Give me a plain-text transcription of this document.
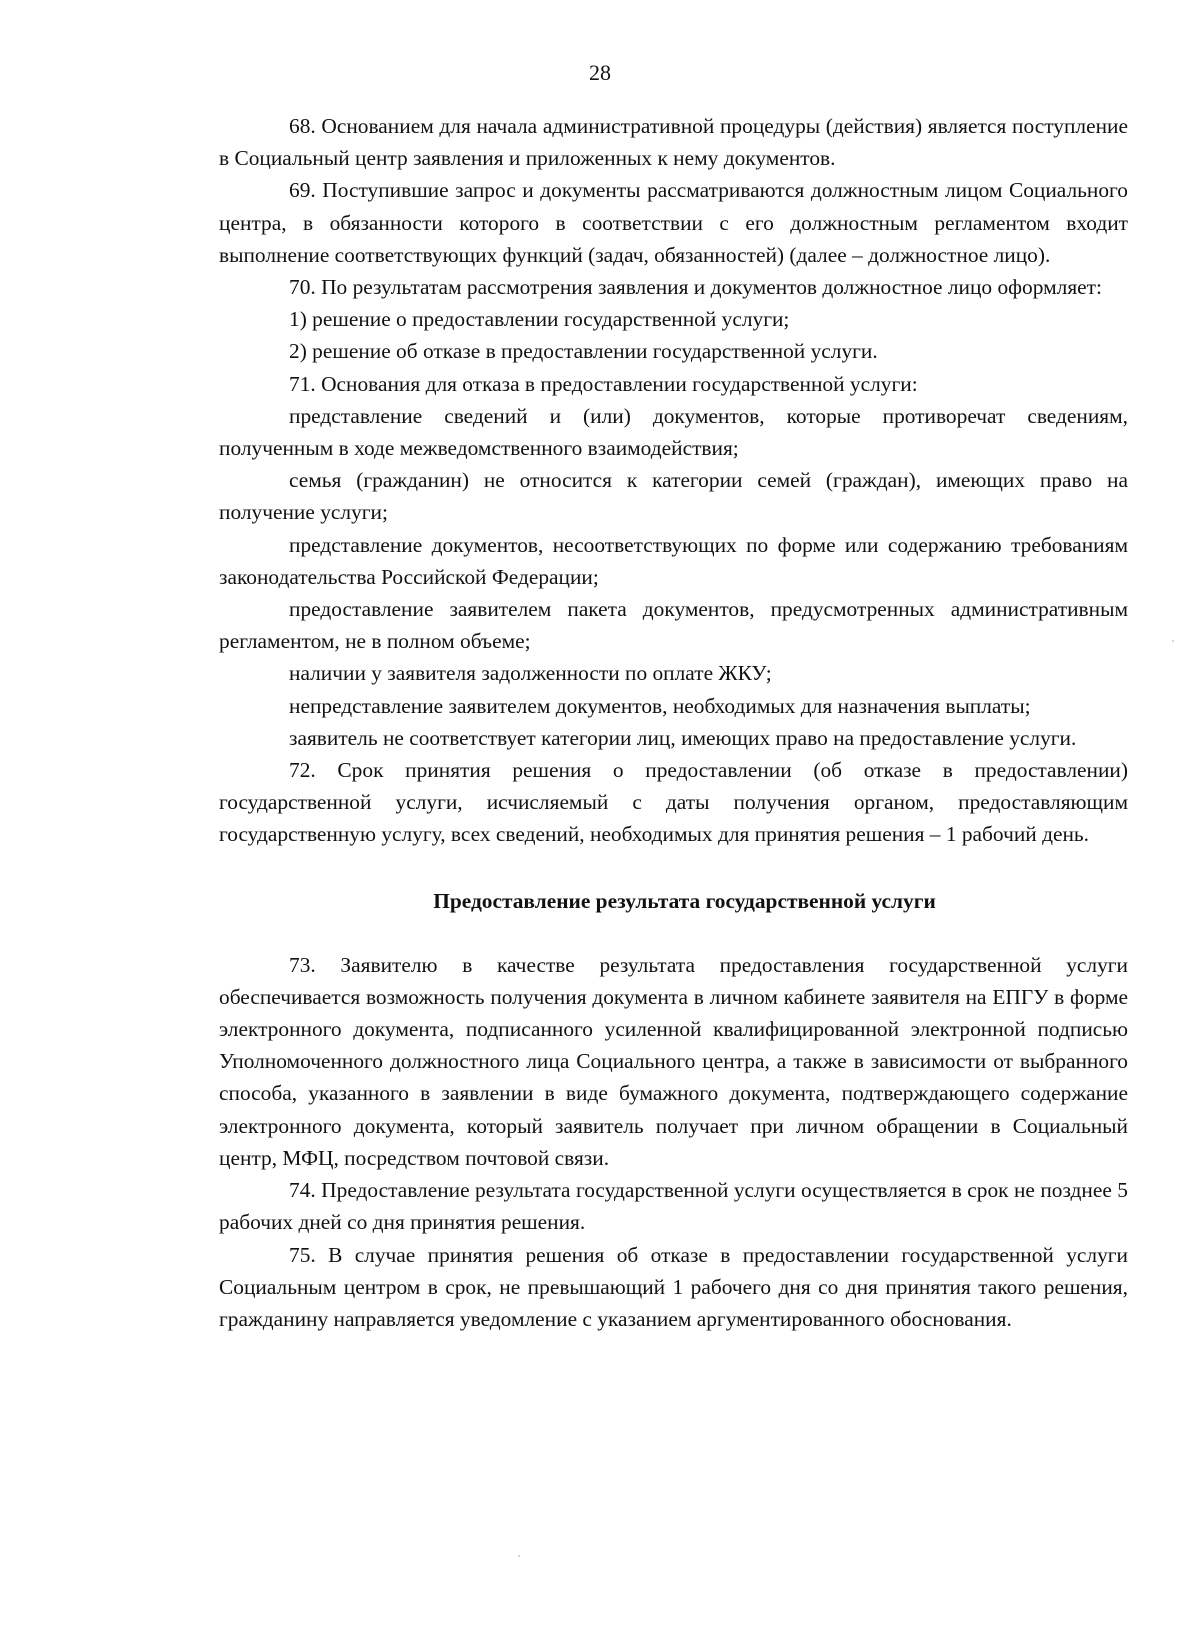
28

68. Основанием для начала административной процедуры (действия) является поступление в Социальный центр заявления и приложенных к нему документов.

69. Поступившие запрос и документы рассматриваются должностным лицом Социального центра, в обязанности которого в соответствии с его должностным регламентом входит выполнение соответствующих функций (задач, обязанностей) (далее – должностное лицо).

70. По результатам рассмотрения заявления и документов должностное лицо оформляет:

1) решение о предоставлении государственной услуги;

2) решение об отказе в предоставлении государственной услуги.

71. Основания для отказа в предоставлении государственной услуги:

представление сведений и (или) документов, которые противоречат сведениям, полученным в ходе межведомственного взаимодействия;

семья (гражданин) не относится к категории семей (граждан), имеющих право на получение услуги;

представление документов, несоответствующих по форме или содержанию требованиям законодательства Российской Федерации;

предоставление заявителем пакета документов, предусмотренных административным регламентом, не в полном объеме;

наличии у заявителя задолженности по оплате ЖКУ;

непредставление заявителем документов, необходимых для назначения выплаты;

заявитель не соответствует категории лиц, имеющих право на предоставление услуги.

72. Срок принятия решения о предоставлении (об отказе в предоставлении) государственной услуги, исчисляемый с даты получения органом, предоставляющим государственную услугу, всех сведений, необходимых для принятия решения – 1 рабочий день.

Предоставление результата государственной услуги

73. Заявителю в качестве результата предоставления государственной услуги обеспечивается возможность получения документа в личном кабинете заявителя на ЕПГУ в форме электронного документа, подписанного усиленной квалифицированной электронной подписью Уполномоченного должностного лица Социального центра, а также в зависимости от выбранного способа, указанного в заявлении в виде бумажного документа, подтверждающего содержание электронного документа, который заявитель получает при личном обращении в Социальный центр, МФЦ, посредством почтовой связи.

74. Предоставление результата государственной услуги осуществляется в срок не позднее 5 рабочих дней со дня принятия решения.

75. В случае принятия решения об отказе в предоставлении государственной услуги Социальным центром в срок, не превышающий 1 рабочего дня со дня принятия такого решения, гражданину направляется уведомление с указанием аргументированного обоснования.
